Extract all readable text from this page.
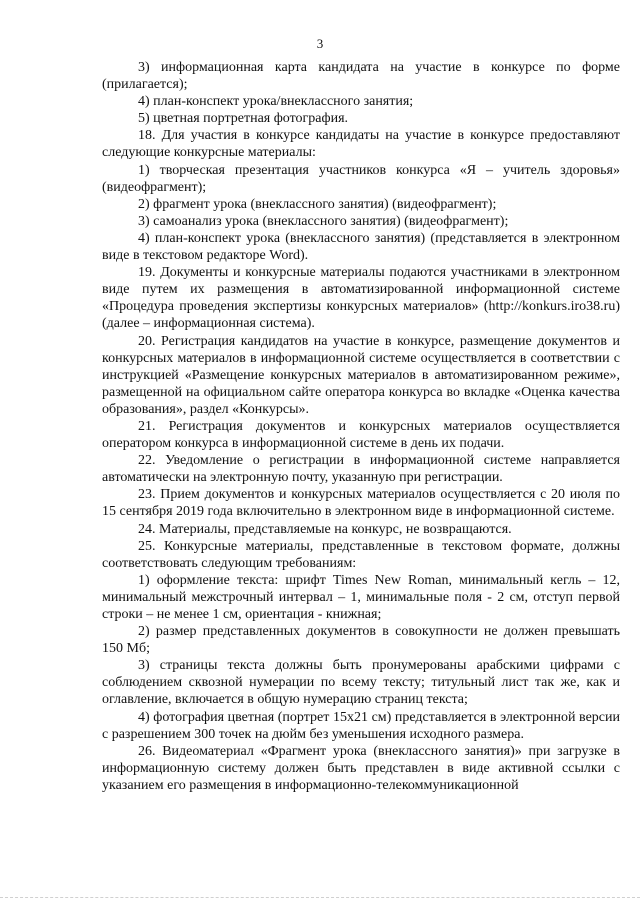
3

3) информационная карта кандидата на участие в конкурсе по форме (прилагается);

4) план-конспект урока/внеклассного занятия;

5) цветная портретная фотография.

18. Для участия в конкурсе кандидаты на участие в конкурсе предоставляют следующие конкурсные материалы:

1) творческая презентация участников конкурса «Я – учитель здоровья» (видеофрагмент);

2) фрагмент урока (внеклассного занятия) (видеофрагмент);

3) самоанализ урока (внеклассного занятия) (видеофрагмент);

4) план-конспект урока (внеклассного занятия) (представляется в электронном виде в текстовом редакторе Word).

19. Документы и конкурсные материалы подаются участниками в электронном виде путем их размещения в автоматизированной информационной системе «Процедура проведения экспертизы конкурсных материалов» (http://konkurs.iro38.ru) (далее – информационная система).

20. Регистрация кандидатов на участие в конкурсе, размещение документов и конкурсных материалов в информационной системе осуществляется в соответствии с инструкцией «Размещение конкурсных материалов в автоматизированном режиме», размещенной на официальном сайте оператора конкурса во вкладке «Оценка качества образования», раздел «Конкурсы».

21. Регистрация документов и конкурсных материалов осуществляется оператором конкурса в информационной системе в день их подачи.

22. Уведомление о регистрации в информационной системе направляется автоматически на электронную почту, указанную при регистрации.

23. Прием документов и конкурсных материалов осуществляется с 20 июля по 15 сентября 2019 года включительно в электронном виде в информационной системе.

24. Материалы, представляемые на конкурс, не возвращаются.

25. Конкурсные материалы, представленные в текстовом формате, должны соответствовать следующим требованиям:

1) оформление текста: шрифт Times New Roman, минимальный кегль – 12, минимальный межстрочный интервал – 1, минимальные поля - 2 см, отступ первой строки – не менее 1 см, ориентация - книжная;

2) размер представленных документов в совокупности не должен превышать 150 Мб;

3) страницы текста должны быть пронумерованы арабскими цифрами с соблюдением сквозной нумерации по всему тексту; титульный лист так же, как и оглавление, включается в общую нумерацию страниц текста;

4) фотография цветная (портрет 15х21 см) представляется в электронной версии с разрешением 300 точек на дюйм без уменьшения исходного размера.

26. Видеоматериал «Фрагмент урока (внеклассного занятия)» при загрузке в информационную систему должен быть представлен в виде активной ссылки с указанием его размещения в информационно-телекоммуникационной
